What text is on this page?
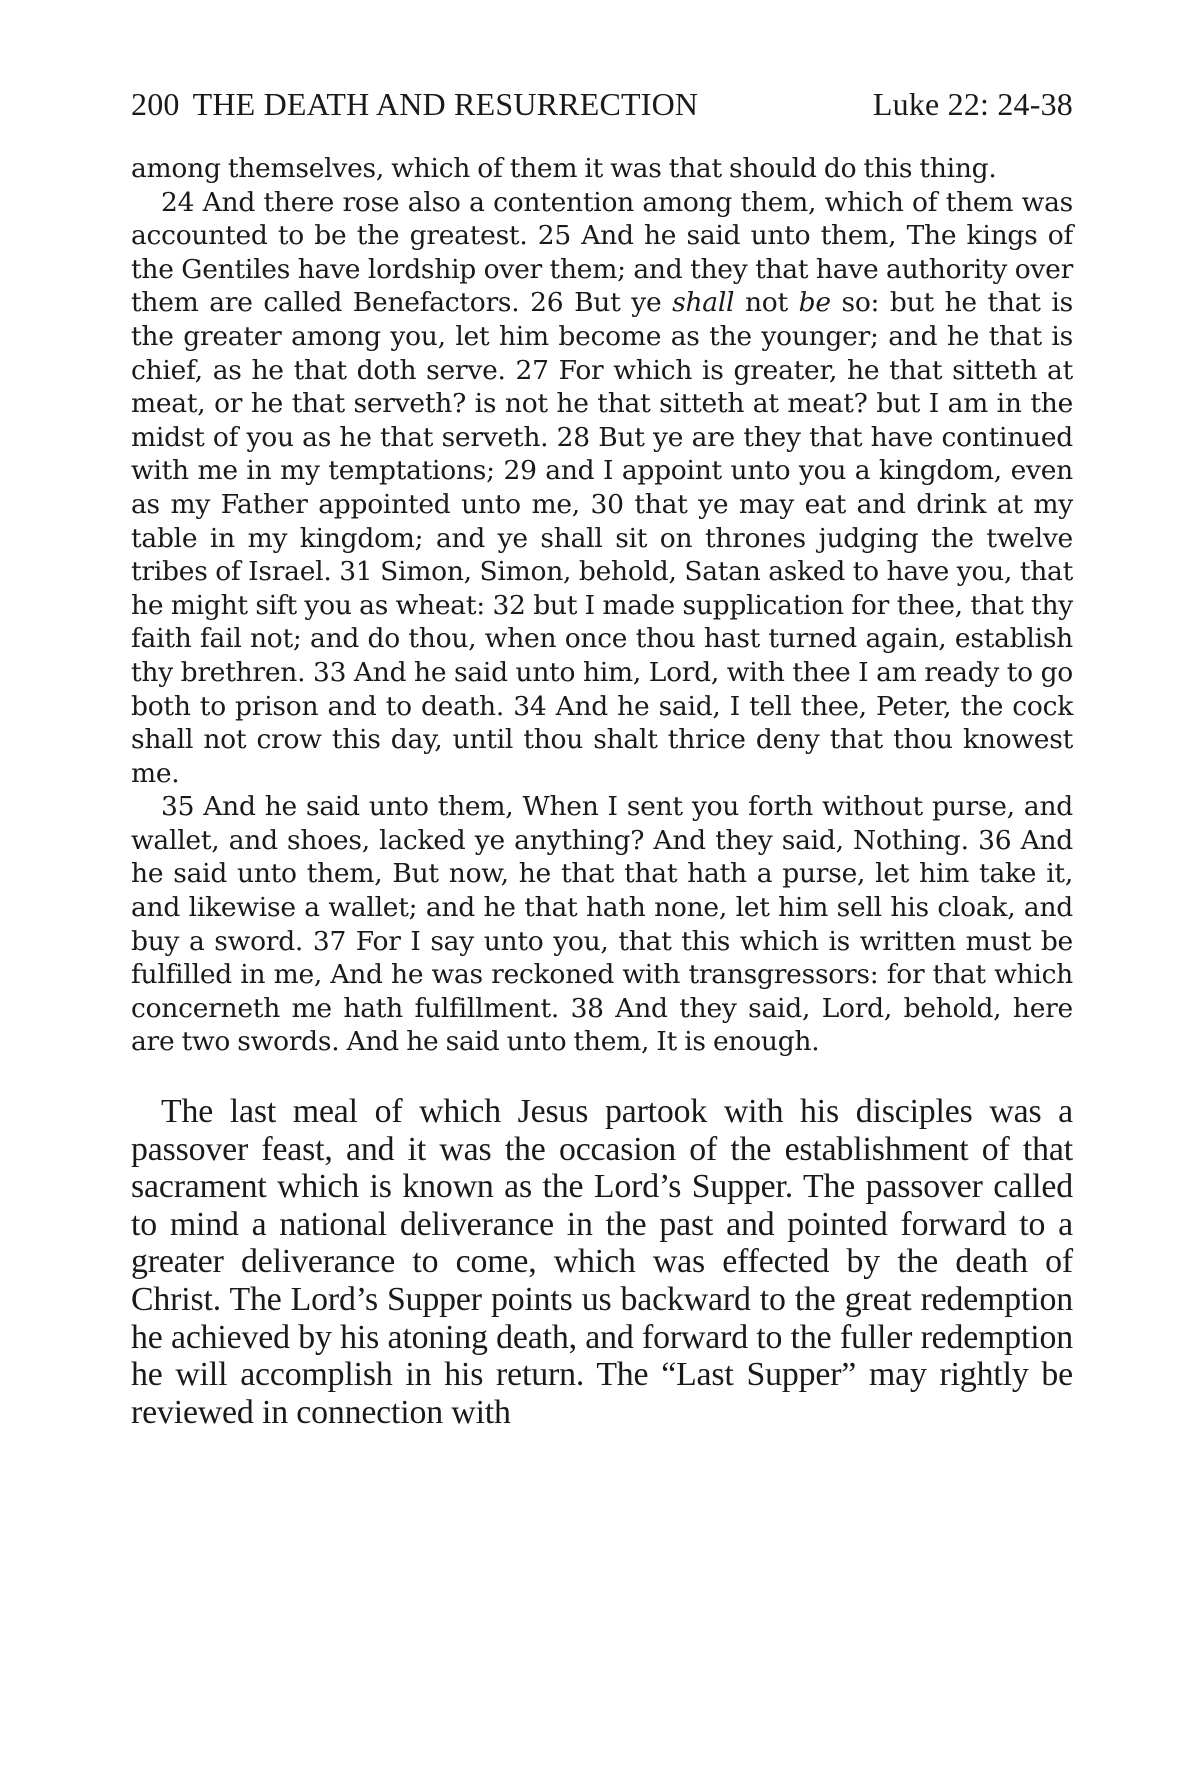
200 THE DEATH AND RESURRECTION	Luke 22: 24-38

among themselves, which of them it was that should do this thing.

24 And there rose also a contention among them, which of them was accounted to be the greatest. 25 And he said unto them, The kings of the Gentiles have lordship over them; and they that have authority over them are called Benefactors. 26 But ye shall not be so: but he that is the greater among you, let him become as the younger; and he that is chief, as he that doth serve. 27 For which is greater, he that sitteth at meat, or he that serveth? is not he that sitteth at meat? but I am in the midst of you as he that serveth. 28 But ye are they that have continued with me in my temptations; 29 and I appoint unto you a kingdom, even as my Father appointed unto me, 30 that ye may eat and drink at my table in my kingdom; and ye shall sit on thrones judging the twelve tribes of Israel. 31 Simon, Simon, behold, Satan asked to have you, that he might sift you as wheat: 32 but I made supplication for thee, that thy faith fail not; and do thou, when once thou hast turned again, establish thy brethren. 33 And he said unto him, Lord, with thee I am ready to go both to prison and to death. 34 And he said, I tell thee, Peter, the cock shall not crow this day, until thou shalt thrice deny that thou knowest me.

35 And he said unto them, When I sent you forth without purse, and wallet, and shoes, lacked ye anything? And they said, Nothing. 36 And he said unto them, But now, he that that hath a purse, let him take it, and likewise a wallet; and he that hath none, let him sell his cloak, and buy a sword. 37 For I say unto you, that this which is written must be fulfilled in me, And he was reckoned with transgressors: for that which concerneth me hath fulfillment. 38 And they said, Lord, behold, here are two swords. And he said unto them, It is enough.

The last meal of which Jesus partook with his disciples was a passover feast, and it was the occasion of the establishment of that sacrament which is known as the Lord’s Supper. The passover called to mind a national deliverance in the past and pointed forward to a greater deliverance to come, which was effected by the death of Christ. The Lord’s Supper points us backward to the great redemption he achieved by his atoning death, and forward to the fuller redemption he will accomplish in his return. The “Last Supper” may rightly be reviewed in connection with
